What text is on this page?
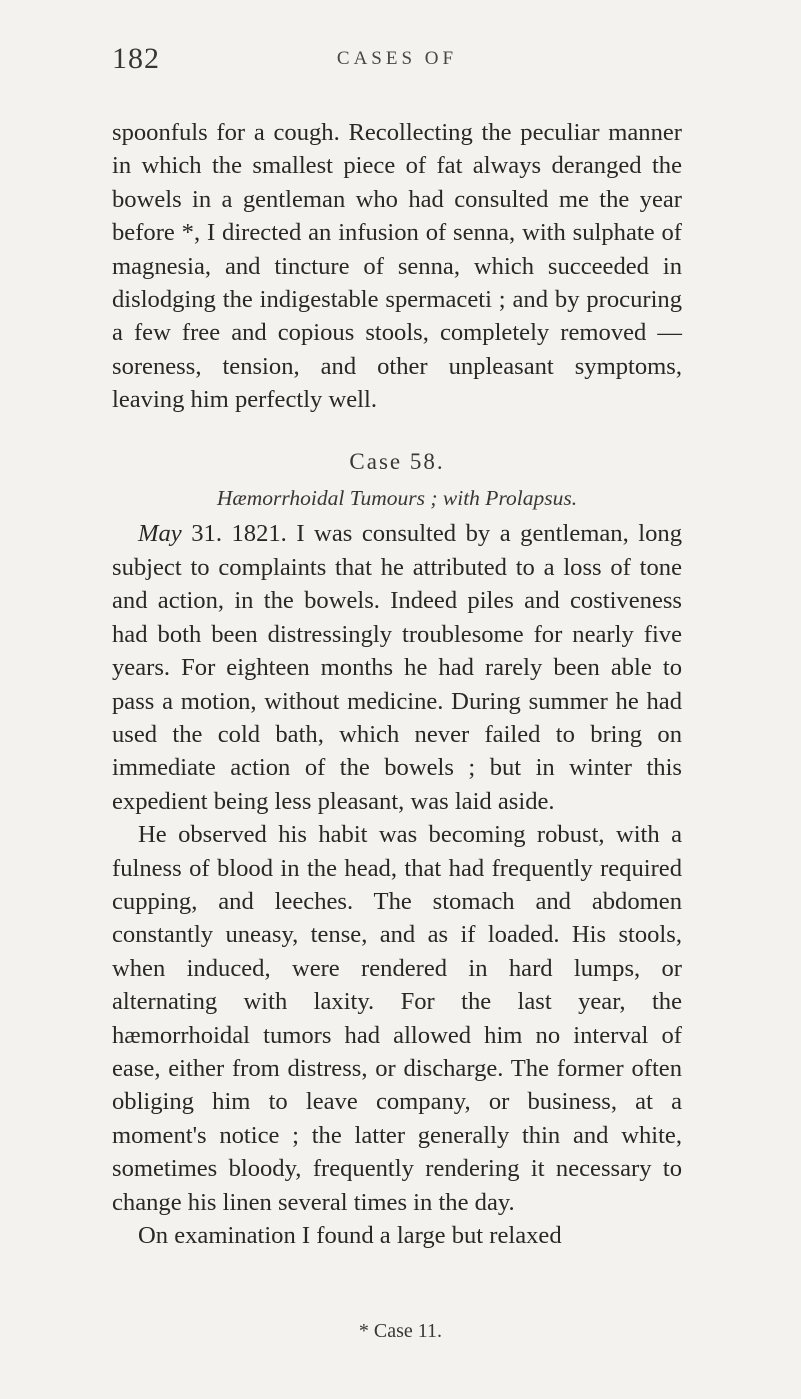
182	CASES OF

spoonfuls for a cough. Recollecting the peculiar manner in which the smallest piece of fat always deranged the bowels in a gentleman who had consulted me the year before *, I directed an infusion of senna, with sulphate of magnesia, and tincture of senna, which succeeded in dislodging the indigestable spermaceti ; and by procuring a few free and copious stools, completely removed — soreness, tension, and other unpleasant symptoms, leaving him perfectly well.

Case 58.

Hæmorrhoidal Tumours ; with Prolapsus.

May 31. 1821. I was consulted by a gentleman, long subject to complaints that he attributed to a loss of tone and action, in the bowels. Indeed piles and costiveness had both been distressingly troublesome for nearly five years. For eighteen months he had rarely been able to pass a motion, without medicine. During summer he had used the cold bath, which never failed to bring on immediate action of the bowels ; but in winter this expedient being less pleasant, was laid aside.

He observed his habit was becoming robust, with a fulness of blood in the head, that had frequently required cupping, and leeches. The stomach and abdomen constantly uneasy, tense, and as if loaded. His stools, when induced, were rendered in hard lumps, or alternating with laxity. For the last year, the hæmorrhoidal tumors had allowed him no interval of ease, either from distress, or discharge. The former often obliging him to leave company, or business, at a moment's notice ; the latter generally thin and white, sometimes bloody, frequently rendering it necessary to change his linen several times in the day.

On examination I found a large but relaxed

* Case 11.
